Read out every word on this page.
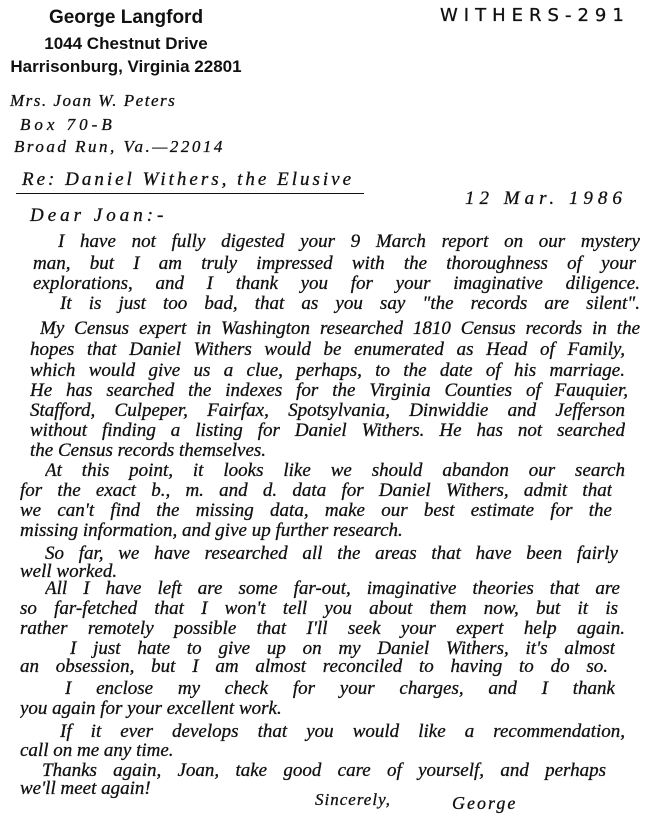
George Langford
1044 Chestnut Drive
Harrisonburg, Virginia 22801
WITHERS-291
Mrs. Joan W. Peters
Box 70-B
Broad Run, Va.—22014
Re: Daniel Withers, the Elusive
12 Mar. 1986
Dear Joan:-
I have not fully digested your 9 March report on our mystery
man, but I am truly impressed with the thoroughness of your
explorations, and I thank you for your imaginative diligence.
It is just too bad, that as you say "the records are silent".
My Census expert in Washington researched 1810 Census records in the
hopes that Daniel Withers would be enumerated as Head of Family,
which would give us a clue, perhaps, to the date of his marriage.
He has searched the indexes for the Virginia Counties of Fauquier,
Stafford, Culpeper, Fairfax, Spotsylvania, Dinwiddie and Jefferson
without finding a listing for Daniel Withers. He has not searched
the Census records themselves.
At this point, it looks like we should abandon our search
for the exact b., m. and d. data for Daniel Withers, admit that
we can't find the missing data, make our best estimate for the
missing information, and give up further research.
So far, we have researched all the areas that have been fairly
well worked.
All I have left are some far-out, imaginative theories that are
so far-fetched that I won't tell you about them now, but it is
rather remotely possible that I'll seek your expert help again.
I just hate to give up on my Daniel Withers, it's almost
an obsession, but I am almost reconciled to having to do so.
I enclose my check for your charges, and I thank
you again for your excellent work.
If it ever develops that you would like a recommendation,
call on me any time.
Thanks again, Joan, take good care of yourself, and perhaps
we'll meet again!
Sincerely,	George
